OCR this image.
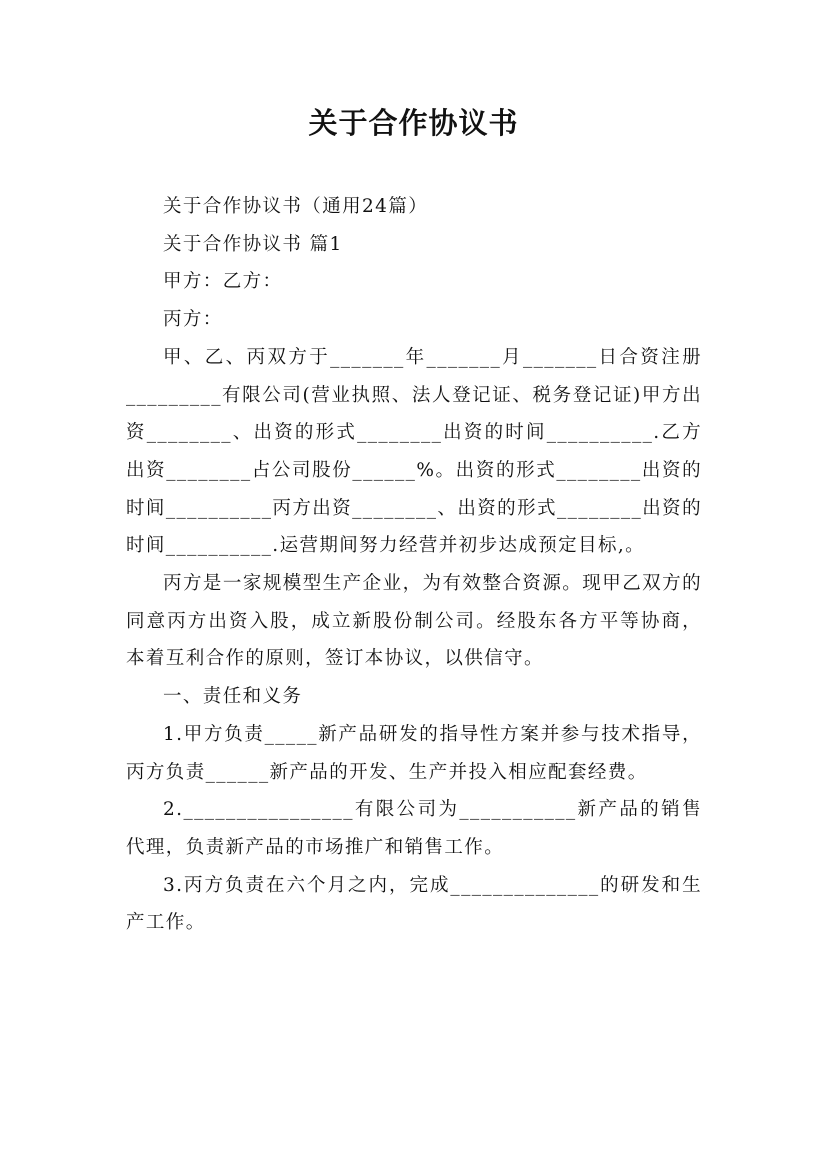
关于合作协议书

关于合作协议书（通用24篇）

关于合作协议书 篇1

甲方：乙方：

丙方：

甲、乙、丙双方于_______年_______月_______日合资注册_________有限公司(营业执照、法人登记证、税务登记证)甲方出资________、出资的形式________出资的时间__________.乙方出资________占公司股份______%。出资的形式________出资的时间__________丙方出资________、出资的形式________出资的时间__________.运营期间努力经营并初步达成预定目标,。

丙方是一家规模型生产企业，为有效整合资源。现甲乙双方的同意丙方出资入股，成立新股份制公司。经股东各方平等协商，本着互利合作的原则，签订本协议，以供信守。

一、责任和义务

1.甲方负责_____新产品研发的指导性方案并参与技术指导，丙方负责______新产品的开发、生产并投入相应配套经费。

2.________________有限公司为___________新产品的销售代理，负责新产品的市场推广和销售工作。

3.丙方负责在六个月之内，完成______________的研发和生产工作。
